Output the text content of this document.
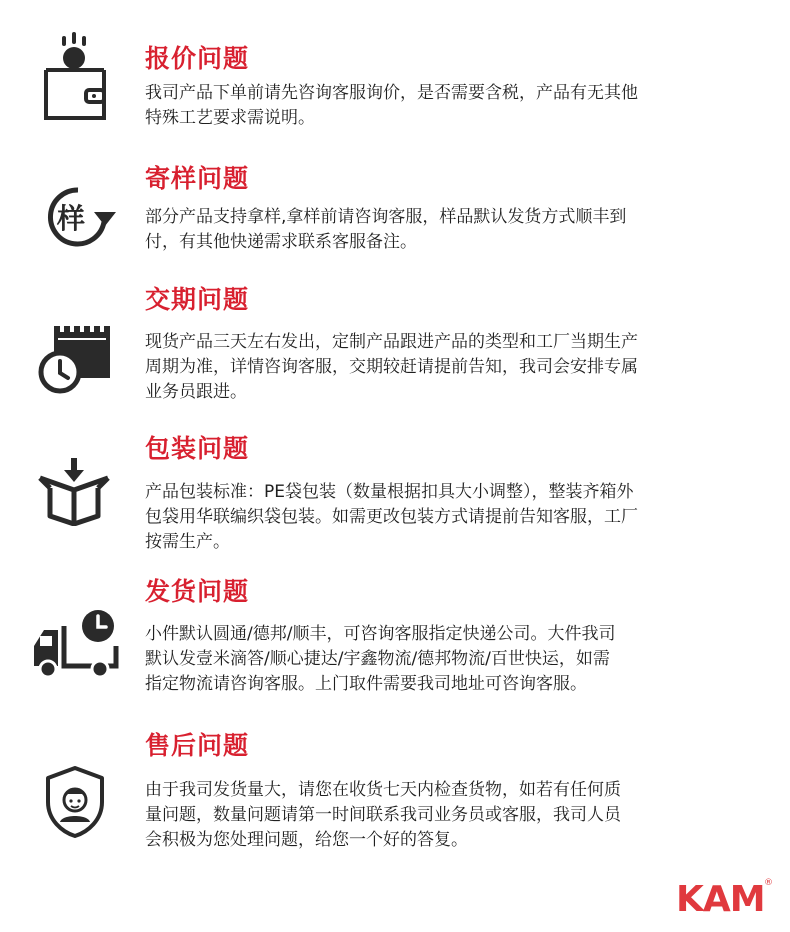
报价问题

我司产品下单前请先咨询客服询价，是否需要含税，产品有无其他
特殊工艺要求需说明。

样
寄样问题

部分产品支持拿样,拿样前请咨询客服，样品默认发货方式顺丰到
付，有其他快递需求联系客服备注。

交期问题

现货产品三天左右发出，定制产品跟进产品的类型和工厂当期生产
周期为准，详情咨询客服，交期较赶请提前告知，我司会安排专属
业务员跟进。

包装问题

产品包装标准：PE袋包装（数量根据扣具大小调整），整装齐箱外
包袋用华联编织袋包装。如需更改包装方式请提前告知客服，工厂
按需生产。

发货问题

小件默认圆通/德邦/顺丰，可咨询客服指定快递公司。大件我司
默认发壹米滴答/顺心捷达/宇鑫物流/德邦物流/百世快运，如需
指定物流请咨询客服。上门取件需要我司地址可咨询客服。

售后问题

由于我司发货量大，请您在收货七天内检查货物，如若有任何质
量问题，数量问题请第一时间联系我司业务员或客服，我司人员
会积极为您处理问题，给您一个好的答复。

KAM ®
